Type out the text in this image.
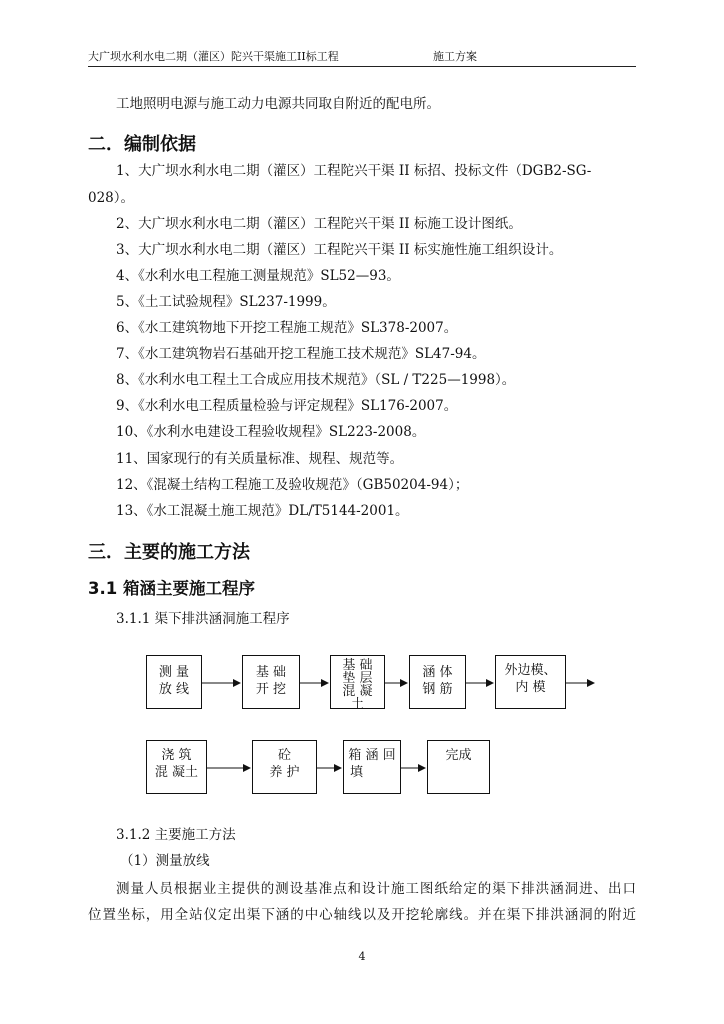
大广坝水利水电二期（灌区）陀兴干渠施工II标工程	施工方案
工地照明电源与施工动力电源共同取自附近的配电所。
二．编制依据
1、大广坝水利水电二期（灌区）工程陀兴干渠 II 标招、投标文件（DGB2-SG-
028）。
2、大广坝水利水电二期（灌区）工程陀兴干渠 II 标施工设计图纸。
3、大广坝水利水电二期（灌区）工程陀兴干渠 II 标实施性施工组织设计。
4、《水利水电工程施工测量规范》SL52—93。
5、《土工试验规程》SL237-1999。
6、《水工建筑物地下开挖工程施工规范》SL378-2007。
7、《水工建筑物岩石基础开挖工程施工技术规范》SL47-94。
8、《水利水电工程土工合成应用技术规范》（SL / T225—1998）。
9、《水利水电工程质量检验与评定规程》SL176-2007。
10、《水利水电建设工程验收规程》SL223-2008。
11、国家现行的有关质量标准、规程、规范等。
12、《混凝土结构工程施工及验收规范》（GB50204-94）；
13、《水工混凝土施工规范》DL/T5144-2001。
三．主要的施工方法
3.1 箱涵主要施工程序
3.1.1 渠下排洪涵洞施工程序
测 量
放 线
基 础
开 挖
基 础
垫 层
混 凝
土
涵 体
钢 筋
外边模、
内 模
浇 筑
混 凝土
砼
养 护
箱 涵 回
填
完成
3.1.2 主要施工方法
（1）测量放线
测量人员根据业主提供的测设基准点和设计施工图纸给定的渠下排洪涵洞进、出口
位置坐标，用全站仪定出渠下涵的中心轴线以及开挖轮廓线。并在渠下排洪涵洞的附近
4
